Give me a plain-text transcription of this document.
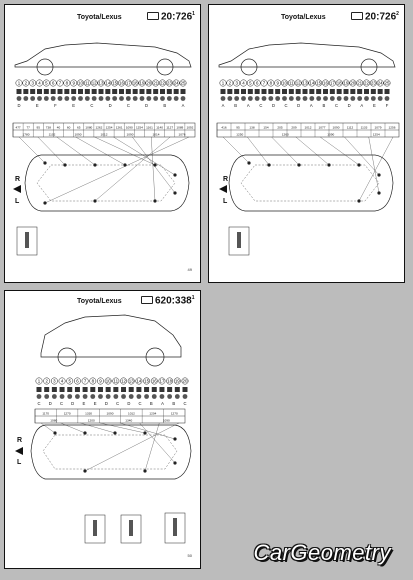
Toyota/Lexus	$20:726^1$
1 2 3 4 5 6 7 8 9 10 11 12 13 14 15 16 17 18 19 20 21 22 23 24 25
D	E	F	E	C	D	C	D	B	A
477 77 95 738 40 60 65 1080 1262 1254 1261 1090 1254 1161 1140 1127 1089 1092
1780	1102	1090	1012	1090	1014	1076
R
L
49
Toyota/Lexus	$20:726^2$
1 2 3 4 5 6 7 8 9 10 11 12 13 14 15 16 17 18 19 20 21 22 23 24 25
A B A C D C D A B C D A E F
416	95	138	154	205	209	1012 1077 1090 1112 1133 1079 1256
1250	1260	1090	1254
R
L
Toyota/Lexus	$620:338^1$
1 2 3 4 5 6 7 8 9 10 11 12 13 14 15 16 17 18 19 20
C D C D E E D C D C B A B C
1170	1270	1330	1090	1012	1204	1270
1080	1200	1340	1090
R
L
50	CarGeometry
